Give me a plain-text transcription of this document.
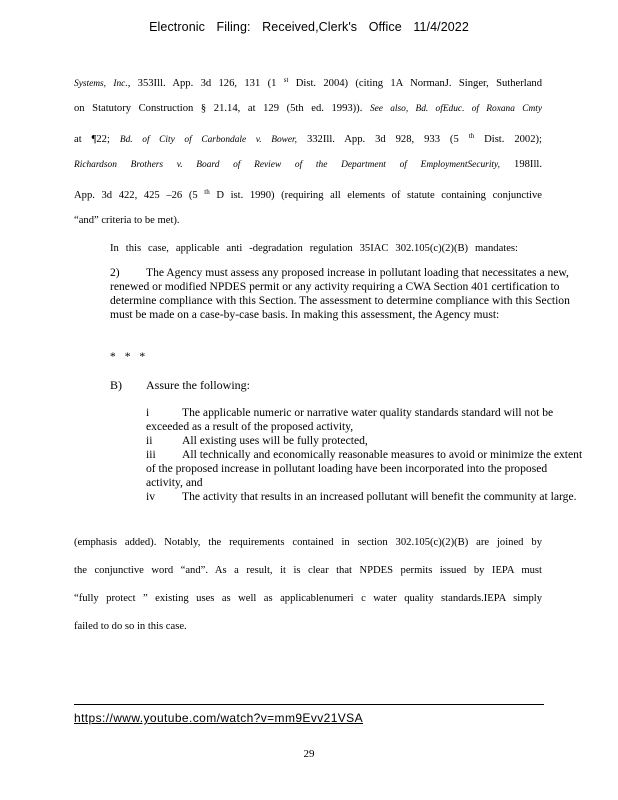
Electronic Filing: Received,Clerk's Office 11/4/2022
Systems, Inc., 353Ill. App. 3d 126, 131 (1 $^{st}$ Dist. 2004) (citing 1A NormanJ. Singer, Sutherland
on Statutory Construction § 21.14, at 129 (5th ed. 1993)). See also, Bd. ofEduc. of Roxana Cmty
at ¶22; Bd. of City of Carbondale v. Bower, 332Ill. App. 3d 928, 933 (5 $^{th}$ Dist. 2002);
Richardson Brothers v. Board of Review of the Department of EmploymentSecurity, 198Ill.
App. 3d 422, 425 –26 (5 $^{th}$ D ist. 1990) (requiring all elements of statute containing conjunctive
“and” criteria to be met).
In this case, applicable anti -degradation regulation 35IAC 302.105(c)(2)(B) mandates:
2) The Agency must assess any proposed increase in pollutant loading that necessitates a new, renewed or modified NPDES permit or any activity requiring a CWA Section 401 certification to determine compliance with this Section. The assessment to determine compliance with this Section must be made on a case-by-case basis. In making this assessment, the Agency must:
* * *
B) Assure the following:

i	The applicable numeric or narrative water quality standards standard will not be exceeded as a result of the proposed activity,

ii	All existing uses will be fully protected,

iii All technically and economically reasonable measures to avoid or minimize the extent of the proposed increase in pollutant loading have been incorporated into the proposed activity, and

iv The activity that results in an increased pollutant will benefit the community at large.

(emphasis added). Notably, the requirements contained in section 302.105(c)(2)(B) are joined by
the conjunctive word “and”. As a result, it is clear that NPDES permits issued by IEPA must
“fully protect ” existing uses as well as applicablenumeri c water quality standards.IEPA simply
failed to do so in this case.
https://www.youtube.com/watch?v=mm9Evv21VSA
29
